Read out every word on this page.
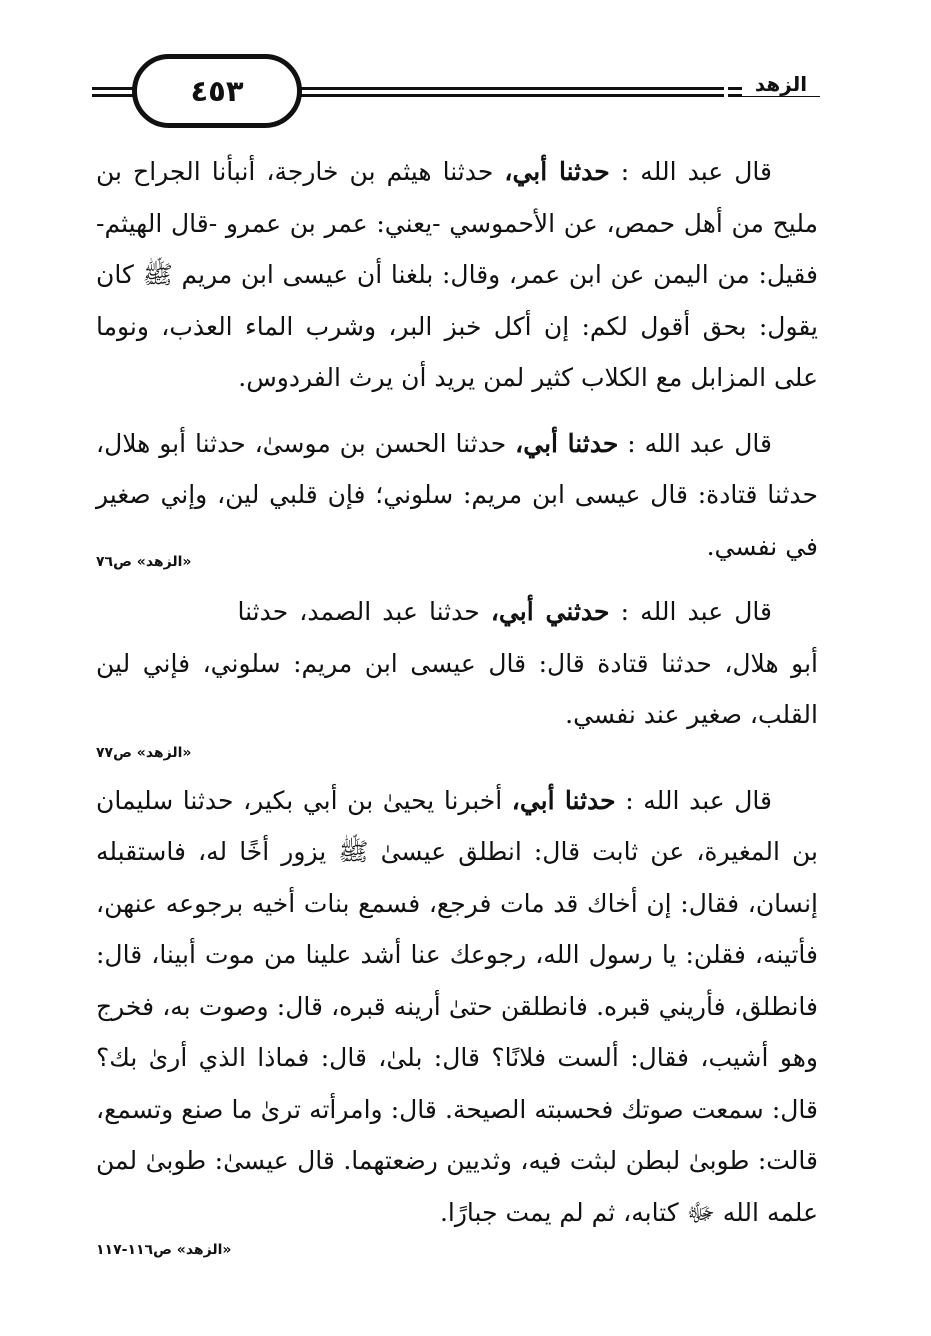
٤٥٣	الزهد

قال عبد الله : حدثنا أبي، حدثنا هيثم بن خارجة، أنبأنا الجراح بن مليح من أهل حمص، عن الأحموسي -يعني: عمر بن عمرو -قال الهيثم- فقيل: من اليمن عن ابن عمر، وقال: بلغنا أن عيسى ابن مريم ﷺ كان يقول: بحق أقول لكم: إن أكل خبز البر، وشرب الماء العذب، ونوما على المزابل مع الكلاب كثير لمن يريد أن يرث الفردوس.

قال عبد الله : حدثنا أبي، حدثنا الحسن بن موسىٰ، حدثنا أبو هلال، حدثنا قتادة: قال عيسى ابن مريم: سلوني؛ فإن قلبي لين، وإني صغير في نفسي.
«الزهد» ص٧٦

قال عبد الله : حدثني أبي، حدثنا عبد الصمد، حدثنا أبو هلال، حدثنا قتادة قال: قال عيسى ابن مريم: سلوني، فإني لين القلب، صغير عند نفسي.

«الزهد» ص٧٧

قال عبد الله : حدثنا أبي، أخبرنا يحيىٰ بن أبي بكير، حدثنا سليمان بن المغيرة، عن ثابت قال: انطلق عيسىٰ ﷺ يزور أخًا له، فاستقبله إنسان، فقال: إن أخاك قد مات فرجع، فسمع بنات أخيه برجوعه عنهن، فأتينه، فقلن: يا رسول الله، رجوعك عنا أشد علينا من موت أبينا، قال: فانطلق، فأريني قبره. فانطلقن حتىٰ أرينه قبره، قال: وصوت به، فخرج وهو أشيب، فقال: ألست فلانًا؟ قال: بلىٰ، قال: فماذا الذي أرىٰ بك؟ قال: سمعت صوتك فحسبته الصيحة. قال: وامرأته ترىٰ ما صنع وتسمع، قالت: طوبىٰ لبطن لبثت فيه، وثديين رضعتهما. قال عيسىٰ: طوبىٰ لمن علمه الله ﷻ كتابه، ثم لم يمت جبارًا.

«الزهد» ص١١٦-١١٧
